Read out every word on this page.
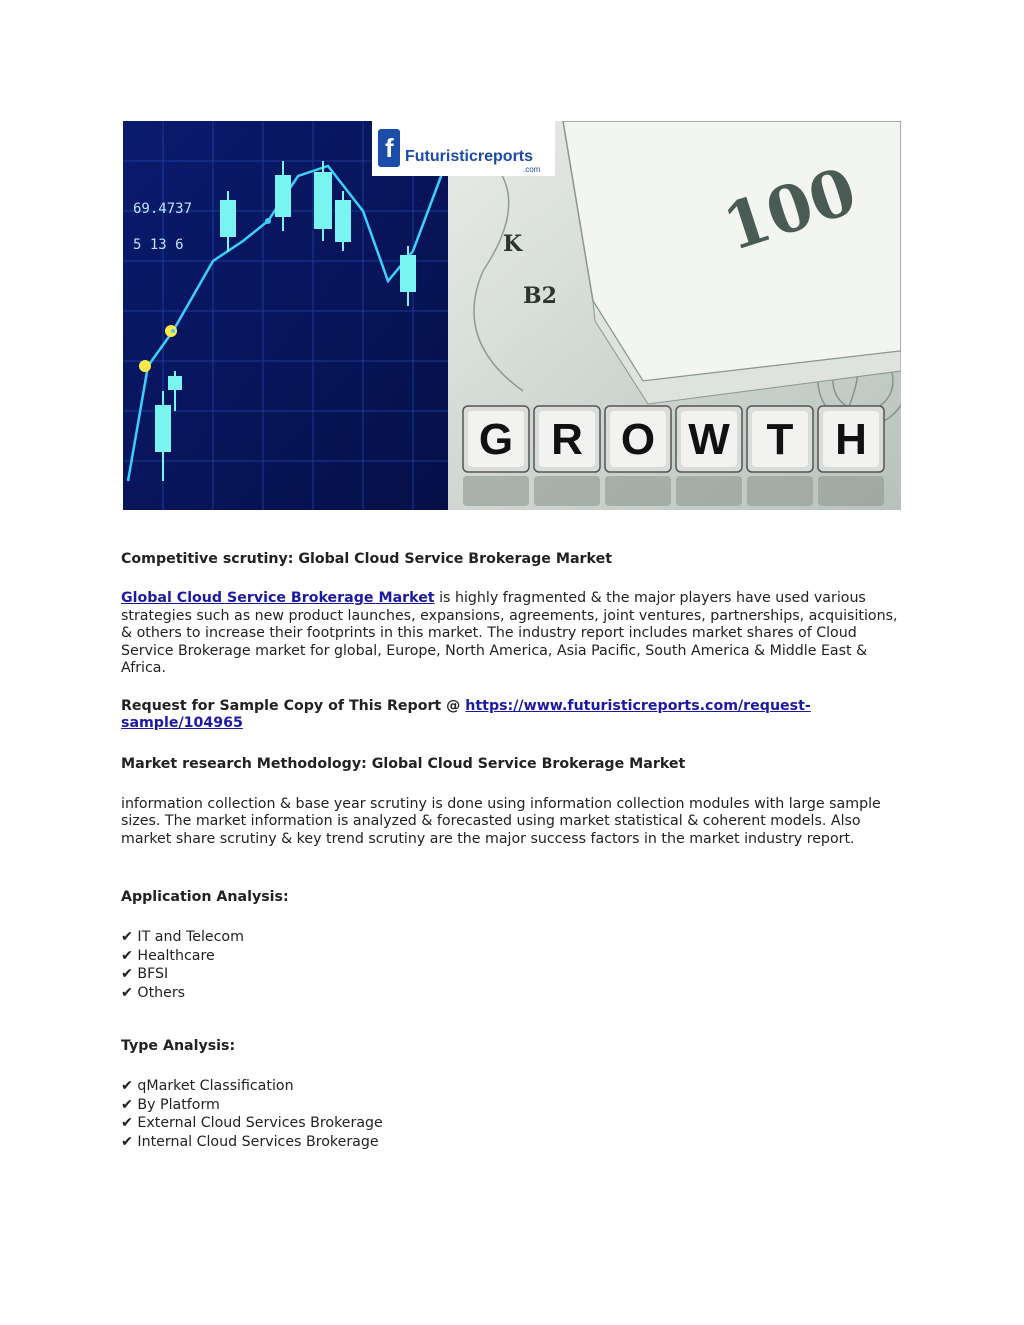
69.4737
5 13 6	100
K
B2
f Futuristicreports
.com
G R O W T H
Competitive scrutiny: Global Cloud Service Brokerage Market

Global Cloud Service Brokerage Market is highly fragmented & the major players have used various strategies such as new product launches, expansions, agreements, joint ventures, partnerships, acquisitions, & others to increase their footprints in this market. The industry report includes market shares of Cloud Service Brokerage market for global, Europe, North America, Asia Pacific, South America & Middle East & Africa.

Request for Sample Copy of This Report @ https://www.futuristicreports.com/request-sample/104965

Market research Methodology: Global Cloud Service Brokerage Market

information collection & base year scrutiny is done using information collection modules with large sample sizes. The market information is analyzed & forecasted using market statistical & coherent models. Also market share scrutiny & key trend scrutiny are the major success factors in the market industry report.

Application Analysis:
✔ IT and Telecom
✔ Healthcare
✔ BFSI
✔ Others
Type Analysis:
✔ qMarket Classification
✔ By Platform
✔ External Cloud Services Brokerage
✔ Internal Cloud Services Brokerage
